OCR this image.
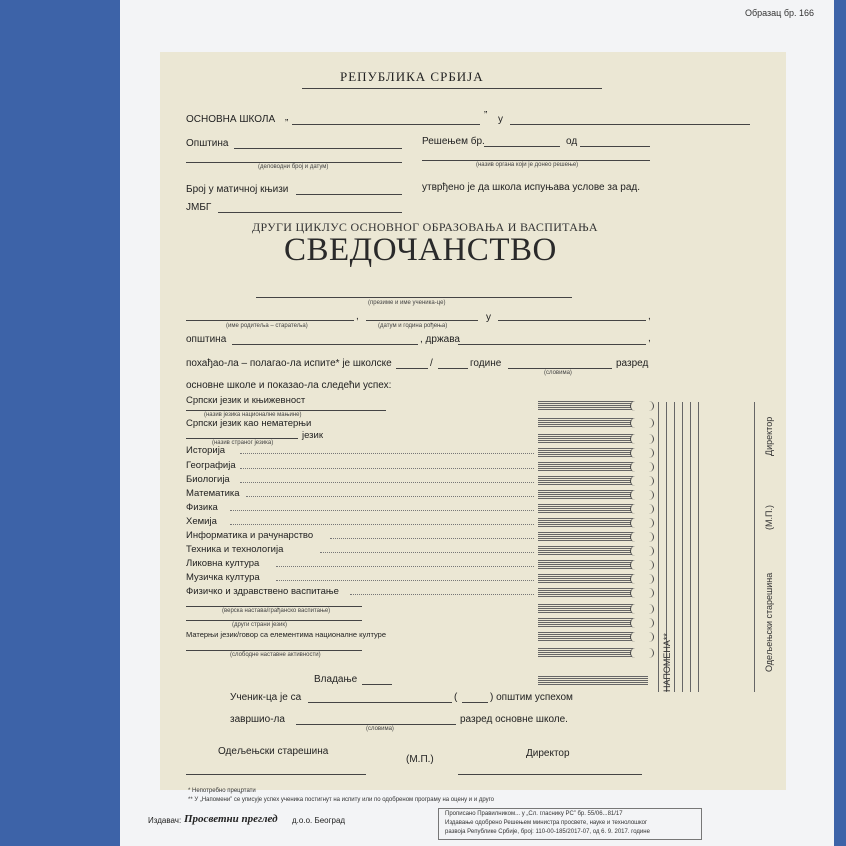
Образац бр. 166
РЕПУБЛИКА СРБИЈА
ОСНОВНА ШКОЛА „	” у
Општина	Решењем бр.	од
(деловодни број и датум)	(назив органа који је донео решење)
Број у матичној књизи	утврђено је да школа испуњава услове за рад.
ЈМБГ
ДРУГИ ЦИКЛУС ОСНОВНОГ ОБРАЗОВАЊА И ВАСПИТАЊА
СВЕДОЧАНСТВО
(презиме и име ученика-це)
,
(име родитеља – старатеља)	(датум и година рођења)
у	,
општина	, држава	,
похађао-ла – полагао-ла испите* је школске	/	године
(словима)
разред
основне школе и показао-ла следећи успех:
Српски језик и књижевност
(назив језика националне мањине)
Српски језик као нематерњи
(назив страног језика)
језик
Историја
Географија
Биологија
Математика
Физика
Хемија
Информатика и рачунарство
Техника и технологија
Ликовна култура
Музичка култура
Физичко и здравствено васпитање
(верска настава/грађанско васпитање)
(други страни језик)
Матерњи језик/говор са елементима националне културе
(слободне наставне активности)
Владање	НАПОМЕНА**
Директор
(М.П.)
Одељењски старешина
Ученик-ца је са	(	) општим успехом
завршио-ла
(словима)
разред основне школе.
Одељењски старешина
(М.П.)
Директор
* Непотребно прецртати
** У „Напомени” се уписује успех ученика постигнут на испиту или по одобреном програму на оцену и и друго
Издавач: Просветни преглед д.о.о. Београд
Прописано Правилником... у „Сл. гласнику РС” бр. 55/06...81/17
Издавање одобрено Решењем министра просвете, науке и технолошког
развоја Републике Србије, број: 110-00-185/2017-07, од 6. 9. 2017. године
